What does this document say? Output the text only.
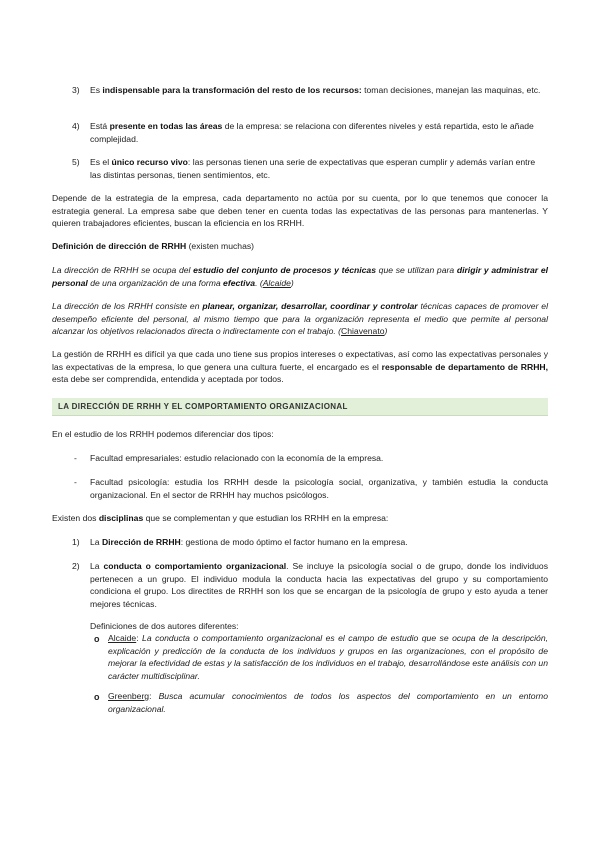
3) Es indispensable para la transformación del resto de los recursos: toman decisiones, manejan las maquinas, etc.

4) Está presente en todas las áreas de la empresa: se relaciona con diferentes niveles y está repartida, esto le añade complejidad.

5) Es el único recurso vivo: las personas tienen una serie de expectativas que esperan cumplir y además varían entre las distintas personas, tienen sentimientos, etc.

Depende de la estrategia de la empresa, cada departamento no actúa por su cuenta, por lo que tenemos que conocer la estrategia general. La empresa sabe que deben tener en cuenta todas las expectativas de las personas para mantenerlas. Y quieren trabajadores eficientes, buscan la eficiencia en los RRHH.

Definición de dirección de RRHH (existen muchas)

La dirección de RRHH se ocupa del estudio del conjunto de procesos y técnicas que se utilizan para dirigir y administrar el personal de una organización de una forma efectiva. (Alcaide)

La dirección de los RRHH consiste en planear, organizar, desarrollar, coordinar y controlar técnicas capaces de promover el desempeño eficiente del personal, al mismo tiempo que para la organización representa el medio que permite al personal alcanzar los objetivos relacionados directa o indirectamente con el trabajo. (Chiavenato)

La gestión de RRHH es difícil ya que cada uno tiene sus propios intereses o expectativas, así como las expectativas personales y las expectativas de la empresa, lo que genera una cultura fuerte, el encargado es el responsable de departamento de RRHH, esta debe ser comprendida, entendida y aceptada por todos.

LA DIRECCIÓN DE RRHH Y EL COMPORTAMIENTO ORGANIZACIONAL

En el estudio de los RRHH podemos diferenciar dos tipos:

- Facultad empresariales: estudio relacionado con la economía de la empresa.

- Facultad psicología: estudia los RRHH desde la psicología social, organizativa, y también estudia la conducta organizacional. En el sector de RRHH hay muchos psicólogos.

Existen dos disciplinas que se complementan y que estudian los RRHH en la empresa:

1) La Dirección de RRHH: gestiona de modo óptimo el factor humano en la empresa.

2) La conducta o comportamiento organizacional. Se incluye la psicología social o de grupo, donde los individuos pertenecen a un grupo. El individuo modula la conducta hacia las expectativas del grupo y su comportamiento condiciona el grupo. Los directites de RRHH son los que se encargan de la psicología de grupo y esto ayuda a tener mejores técnicas.

Definiciones de dos autores diferentes:

o Alcaide: La conducta o comportamiento organizacional es el campo de estudio que se ocupa de la descripción, explicación y predicción de la conducta de los individuos y grupos en las organizaciones, con el propósito de mejorar la efectividad de estas y la satisfacción de los individuos en el trabajo, desarrollándose este análisis con un carácter multidisciplinar.

o Greenberg: Busca acumular conocimientos de todos los aspectos del comportamiento en un entorno organizacional.
